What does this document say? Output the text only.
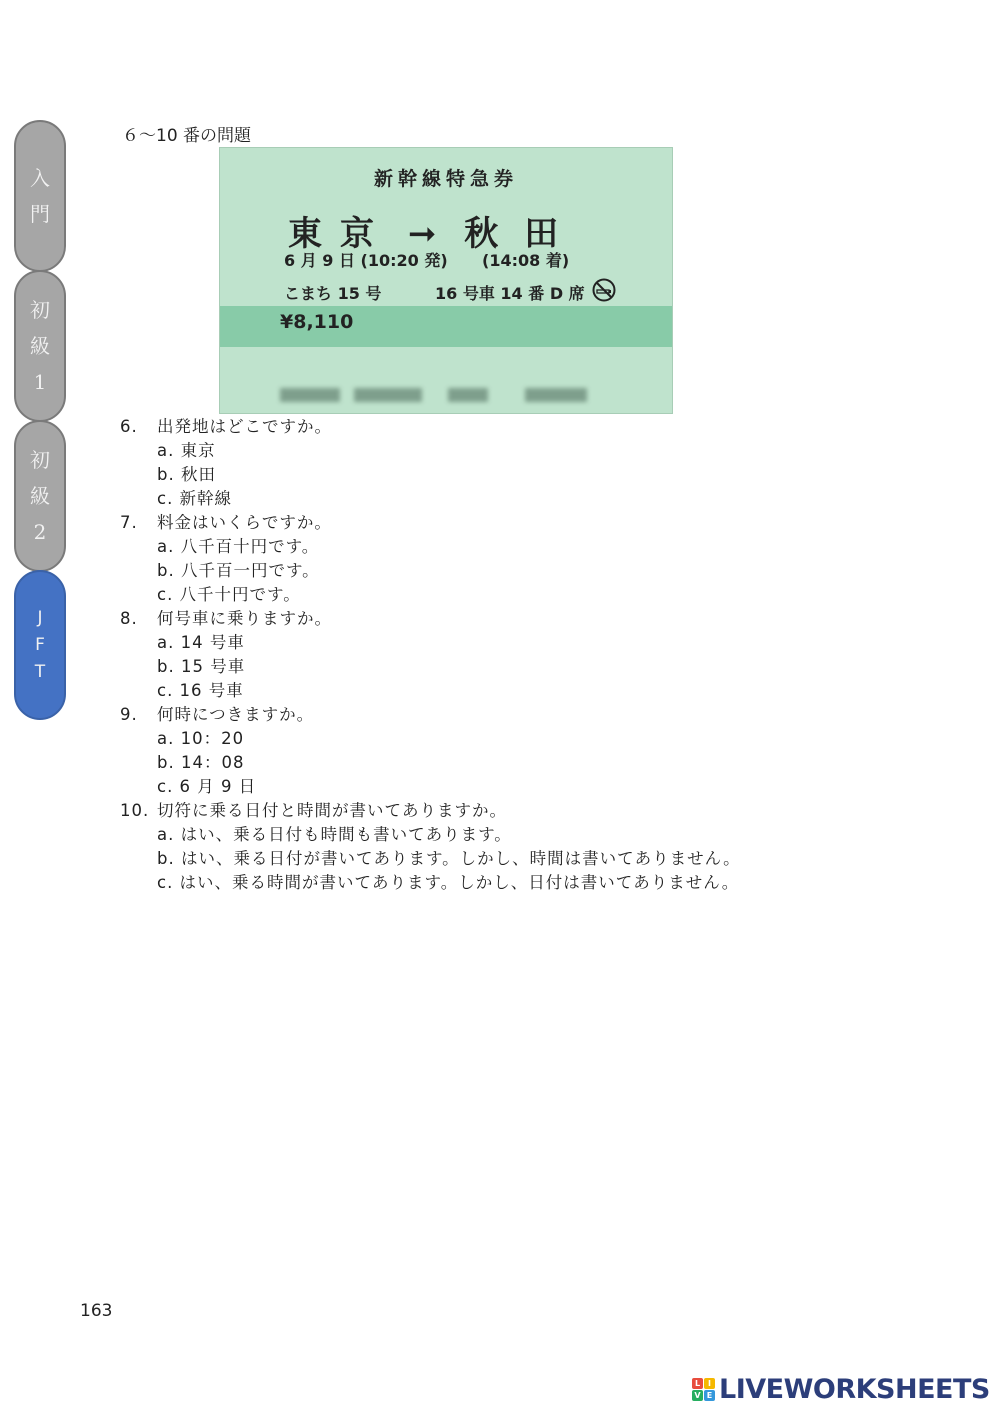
入
門
初
級
1
初
級
2
J
F
T
６～10 番の問題
新幹線特急券
東京 ➞ 秋田
6 月 9 日 (10:20 発) (14:08 着)
こまち 15 号	16 号車 14 番 D 席
¥8,110
6. 出発地はどこですか。
a. 東京
b. 秋田
c. 新幹線
7. 料金はいくらですか。
a. 八千百十円です。
b. 八千百一円です。
c. 八千十円です。
8. 何号車に乗りますか。
a. 14 号車
b. 15 号車
c. 16 号車
9. 何時につきますか。
a. 10：20
b. 14：08
c. 6 月 9 日
10. 切符に乗る日付と時間が書いてありますか。
a. はい、乗る日付も時間も書いてあります。
b. はい、乗る日付が書いてあります。しかし、時間は書いてありません。
c. はい、乗る時間が書いてあります。しかし、日付は書いてありません。
163
L I
V E LIVEWORKSHEETS
